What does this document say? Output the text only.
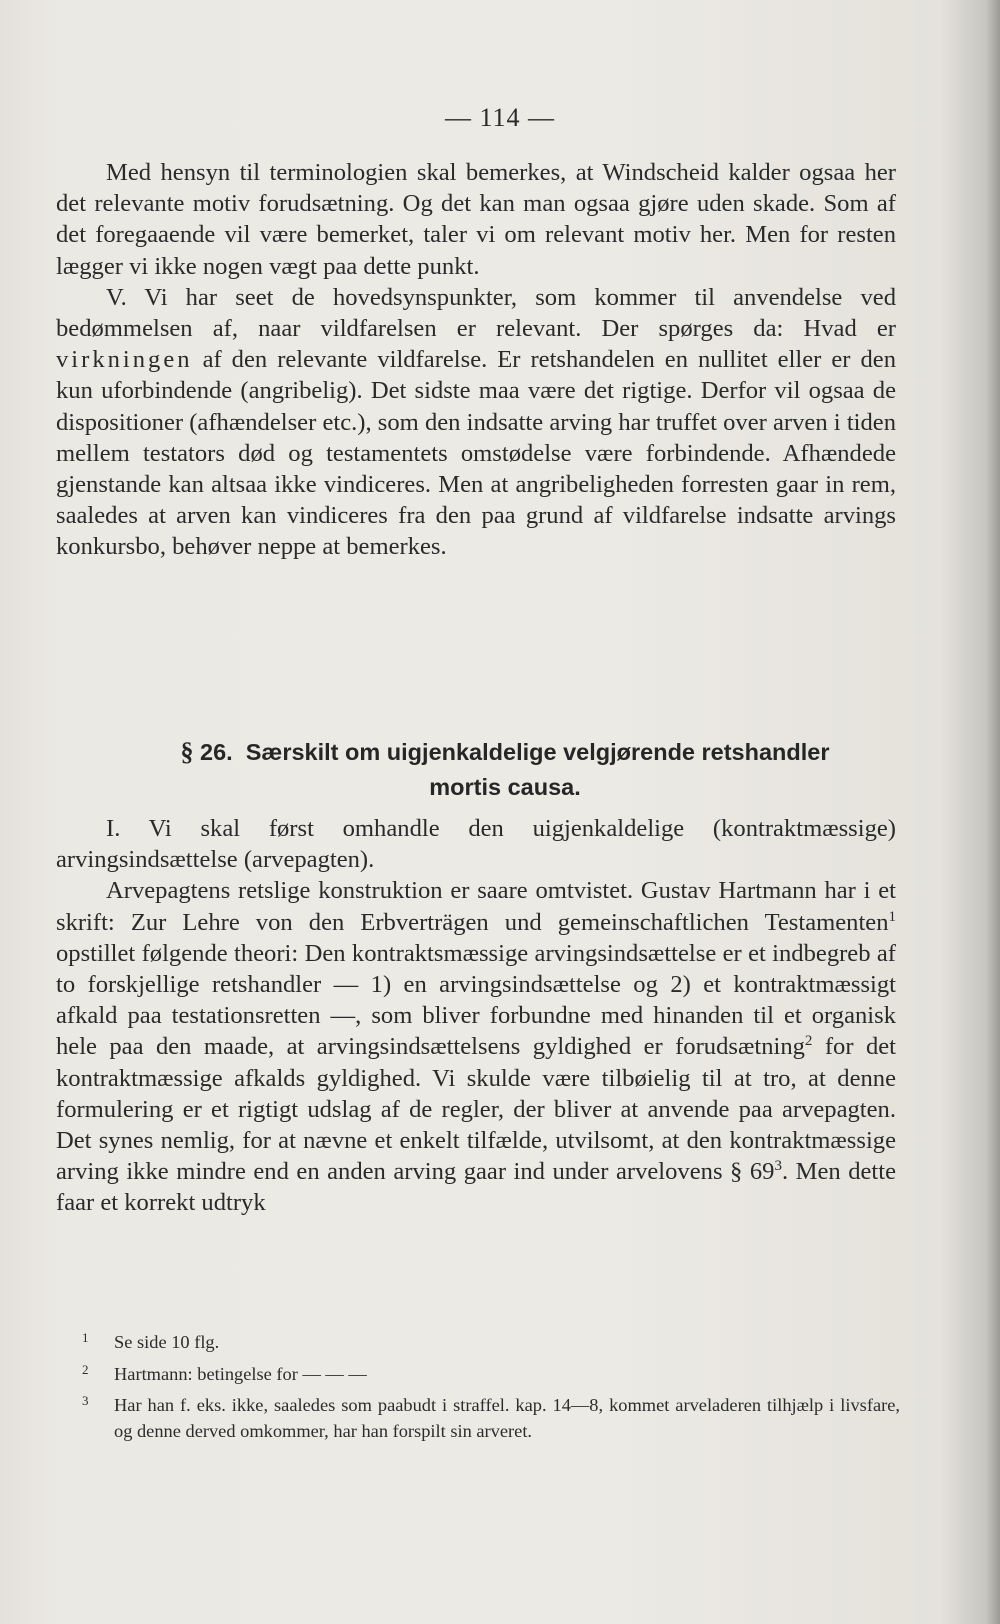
— 114 —

Med hensyn til terminologien skal bemerkes, at Windscheid kalder ogsaa her det relevante motiv forudsætning. Og det kan man ogsaa gjøre uden skade. Som af det foregaaende vil være bemerket, taler vi om relevant motiv her. Men for resten lægger vi ikke nogen vægt paa dette punkt.

V. Vi har seet de hovedsynspunkter, som kommer til anvendelse ved bedømmelsen af, naar vildfarelsen er relevant. Der spørges da: Hvad er virkningen af den relevante vildfarelse. Er retshandelen en nullitet eller er den kun uforbindende (angribelig). Det sidste maa være det rigtige. Derfor vil ogsaa de dispositioner (afhændelser etc.), som den indsatte arving har truffet over arven i tiden mellem testators død og testamentets omstødelse være forbindende. Afhændede gjenstande kan altsaa ikke vindiceres. Men at angribeligheden forresten gaar in rem, saaledes at arven kan vindiceres fra den paa grund af vildfarelse indsatte arvings konkursbo, behøver neppe at bemerkes.

§ 26. Særskilt om uigjenkaldelige velgjørende retshandler
mortis causa.

I. Vi skal først omhandle den uigjenkaldelige (kontraktmæssige) arvingsindsættelse (arvepagten).

Arvepagtens retslige konstruktion er saare omtvistet. Gustav Hartmann har i et skrift: Zur Lehre von den Erbverträgen und gemeinschaftlichen Testamenten$^1$ opstillet følgende theori: Den kontraktsmæssige arvingsindsættelse er et indbegreb af to forskjellige retshandler — 1) en arvingsindsættelse og 2) et kontraktmæssigt afkald paa testationsretten —, som bliver forbundne med hinanden til et organisk hele paa den maade, at arvingsindsættelsens gyldighed er forudsætning$^2$ for det kontraktmæssige afkalds gyldighed. Vi skulde være tilbøielig til at tro, at denne formulering er et rigtigt udslag af de regler, der bliver at anvende paa arvepagten. Det synes nemlig, for at nævne et enkelt tilfælde, utvilsomt, at den kontraktmæssige arving ikke mindre end en anden arving gaar ind under arvelovens § $69^3$. Men dette faar et korrekt udtryk

1 Se side 10 flg.
2 Hartmann: betingelse for — — —
3 Har han f. eks. ikke, saaledes som paabudt i straffel. kap. 14—8, kommet arveladeren tilhjælp i livsfare, og denne derved omkommer, har han forspilt sin arveret.
